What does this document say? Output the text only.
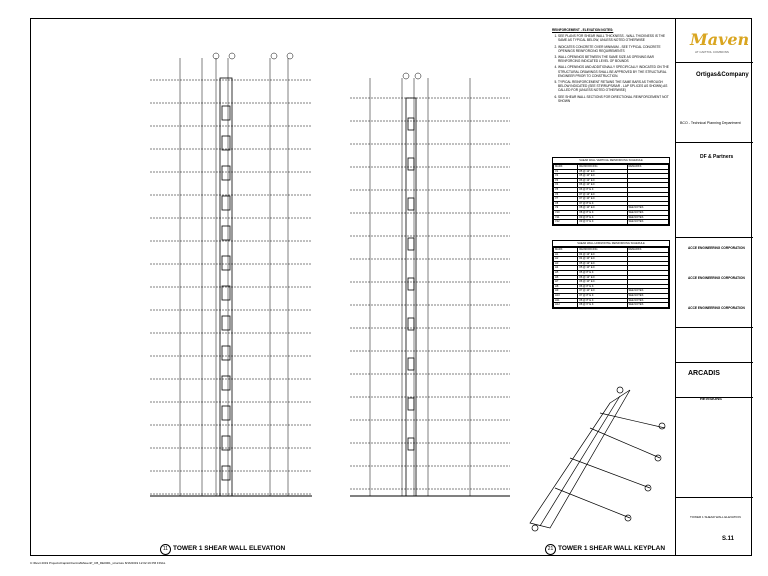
REINFORCEMENT - ELEVATION NOTES:
1. SEE PLANS FOR SHEAR WALL THICKNESS - WALL THICKNESS IS THE SAME AS TYPICAL BELOW, UNLESS NOTED OTHERWISE
2. INDICATES CONCRETE OVER MINIMUM - SEE TYPICAL CONCRETE OPENINGS REINFORCING REQUIREMENTS
3. WALL OPENINGS BETWEEN THE SAME SIZE AS OPENING BAR REINFORCING INDICATED LEVEL OF BOUNDS
4. WALL OPENINGS AND ADDITIONALLY SPECIFICALLY INDICATED ON THE STRUCTURAL DRAWINGS SHALL BE APPROVED BY THE STRUCTURAL ENGINEER PRIOR TO CONSTRUCTION.
5. TYPICAL REINFORCEMENT RETAINS THE SAME BARS AS THROUGH BELOW INDICATED (SEE STIRRUPS/BAR - LAP SPLICES AS SHOWN) AS CALLED FOR (UNLESS NOTED OTHERWISE)
6. SEE SHEAR WALL SECTIONS FOR DIRECTIONAL REINFORCEMENT NOT SHOWN
SHEAR WALL VERTICAL REINFORCING SCHEDULE
MARK	REINFORCING	REMARKS
V1	#5 @ 12" E.F.	
V2	#5 @ 10" E.F.	
V3	#6 @ 12" E.F.	
V4	#6 @ 10" E.F.	
V5	#6 @ 8" E.F.	
V6	#7 @ 12" E.F.	
V7	#7 @ 10" E.F.	
V8	#7 @ 8" E.F.	
V9	#8 @ 10" E.F.	SEE NOTES
V10	#8 @ 8" E.F.	SEE NOTES
V11	#9 @ 8" E.F.	SEE NOTES
V12	#9 @ 6" E.F.	SEE NOTES
SHEAR WALL HORIZONTAL REINFORCING SCHEDULE
MARK	REINFORCING	REMARKS
H1	#4 @ 12" E.F.	
H2	#4 @ 10" E.F.	
H3	#5 @ 12" E.F.	
H4	#5 @ 10" E.F.	
H5	#5 @ 8" E.F.	
H6	#6 @ 12" E.F.	
H7	#6 @ 10" E.F.	
H8	#6 @ 8" E.F.	
H9	#7 @ 10" E.F.	SEE NOTES
H10	#7 @ 8" E.F.	SEE NOTES
H11	#8 @ 8" E.F.	SEE NOTES
H12	#8 @ 6" E.F.	SEE NOTES
11 TOWER 1 SHEAR WALL ELEVATION	21 TOWER 1 SHEAR WALL KEYPLAN
Maven
AT CAPITOL COMMONS
Ortigas&Company
BCO - Technical Planning Department
DF & Partners
ACCE ENGINEERING CORPORATION
ACCE ENGINEERING CORPORATION
ACCE ENGINEERING CORPORATION
ARCADIS
REVISIONS
TOWER 1 SHEAR WALL ELEVATION
S.11
C:\Revit 2019 Projects\Capitol\Central\MavenP_CB_RE0001_structure 8/16/2019 12:02:19 PM FINAL
